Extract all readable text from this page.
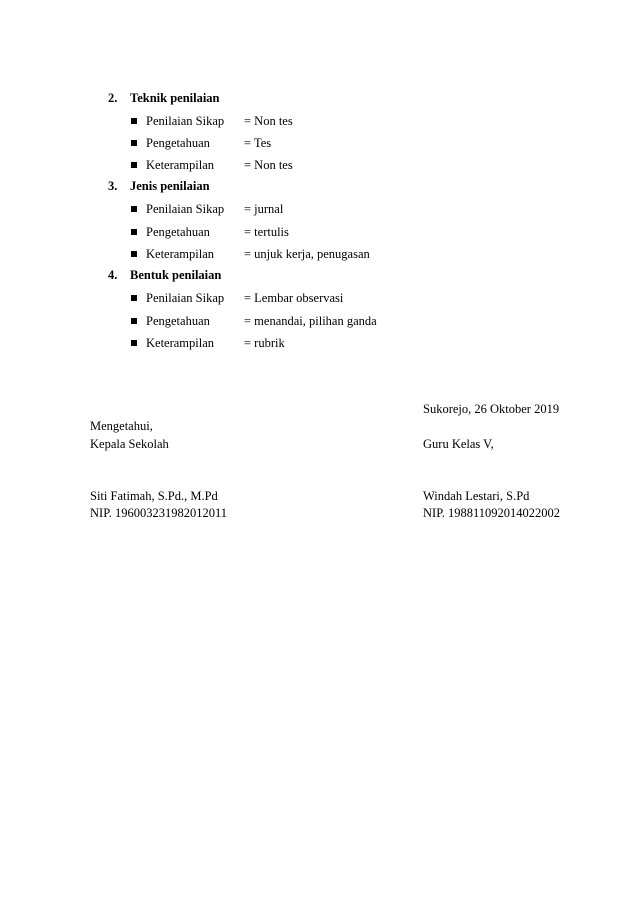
2. Teknik penilaian
Penilaian Sikap = Non tes
Pengetahuan	= Tes
Keterampilan = Non tes
3. Jenis penilaian
Penilaian Sikap = jurnal
Pengetahuan	= tertulis
Keterampilan = unjuk kerja, penugasan
4. Bentuk penilaian
Penilaian Sikap = Lembar observasi
Pengetahuan	= menandai, pilihan ganda
Keterampilan = rubrik
Sukorejo, 26 Oktober 2019
Mengetahui,
Kepala Sekolah	Guru Kelas V,
Siti Fatimah, S.Pd., M.Pd	Windah Lestari, S.Pd
NIP. 196003231982012011	NIP. 198811092014022002
